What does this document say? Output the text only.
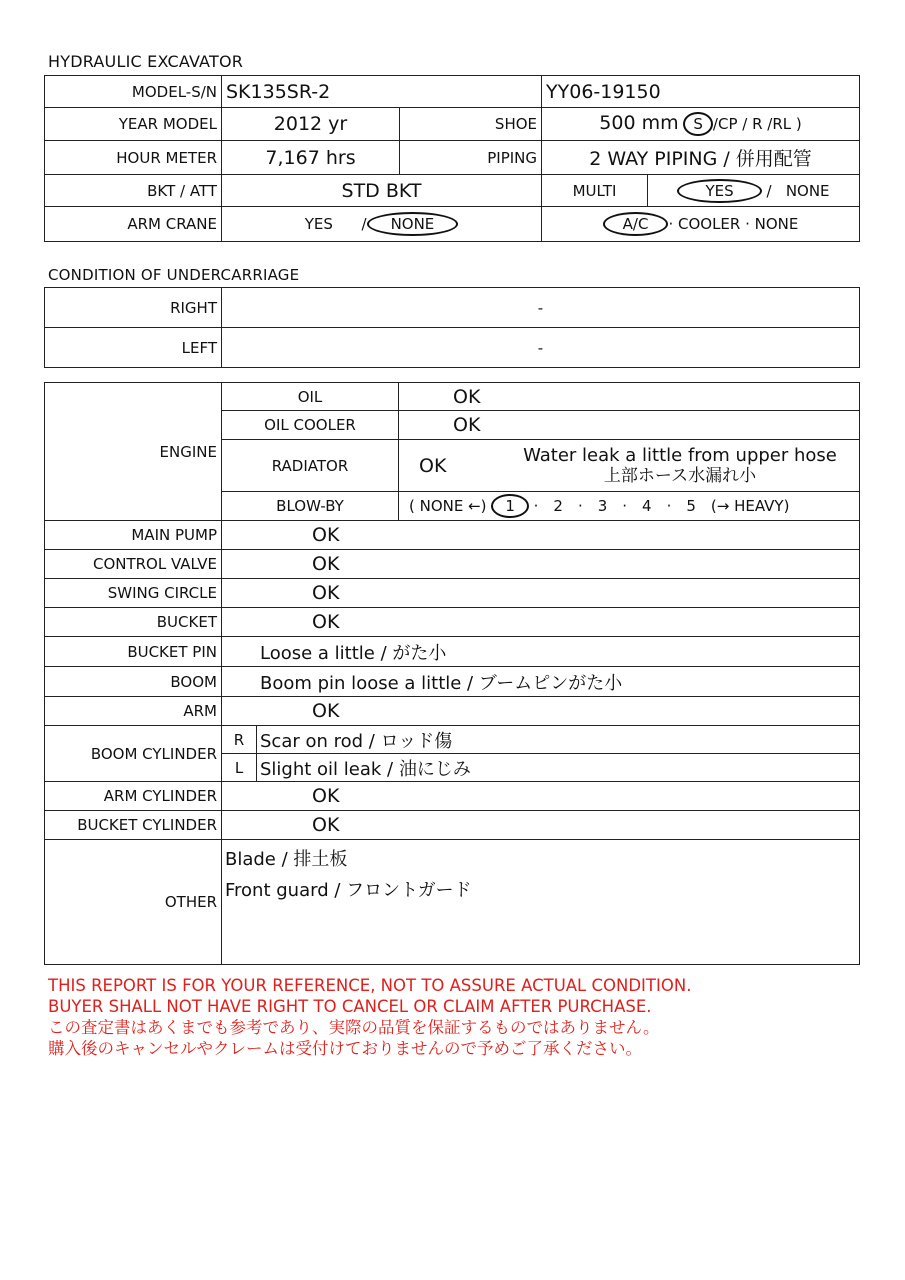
HYDRAULIC EXCAVATOR
MODEL-S/N	SK135SR-2		YY06-19150	
YEAR MODEL	2012 yr	SHOE	500 mm S /CP / R /RL )	
HOUR METER	7,167 hrs	PIPING	2 WAY PIPING / 併用配管	
BKT / ATT	STD BKT		MULTI	YES / NONE
ARM CRANE	YES / NONE		A/C · COOLER · NONE	
CONDITION OF UNDERCARRIAGE
RIGHT	-
LEFT	-
ENGINE	OIL		OK
	OIL COOLER		OK
	RADIATOR		OK Water leak a little from upper hose
上部ホース水漏れ小

	BLOW-BY		( NONE ←) 1 ·　2　·　3　·　4　·　5　(→ HEAVY)
MAIN PUMP	OK		
CONTROL VALVE	OK		
SWING CIRCLE	OK		
BUCKET	OK		
BUCKET PIN	Loose a little / がた小		
BOOM	Boom pin loose a little / ブームピンがた小		
ARM	OK		
BOOM CYLINDER	R	Scar on rod / ロッド傷	
	L	Slight oil leak / 油にじみ	
ARM CYLINDER	OK		
BUCKET CYLINDER	OK		
OTHER	Blade / 排土板
Front guard / フロントガード		
THIS REPORT IS FOR YOUR REFERENCE, NOT TO ASSURE ACTUAL CONDITION.
BUYER SHALL NOT HAVE RIGHT TO CANCEL OR CLAIM AFTER PURCHASE.
この査定書はあくまでも参考であり、実際の品質を保証するものではありません。
購入後のキャンセルやクレームは受付けておりませんので予めご了承ください。
